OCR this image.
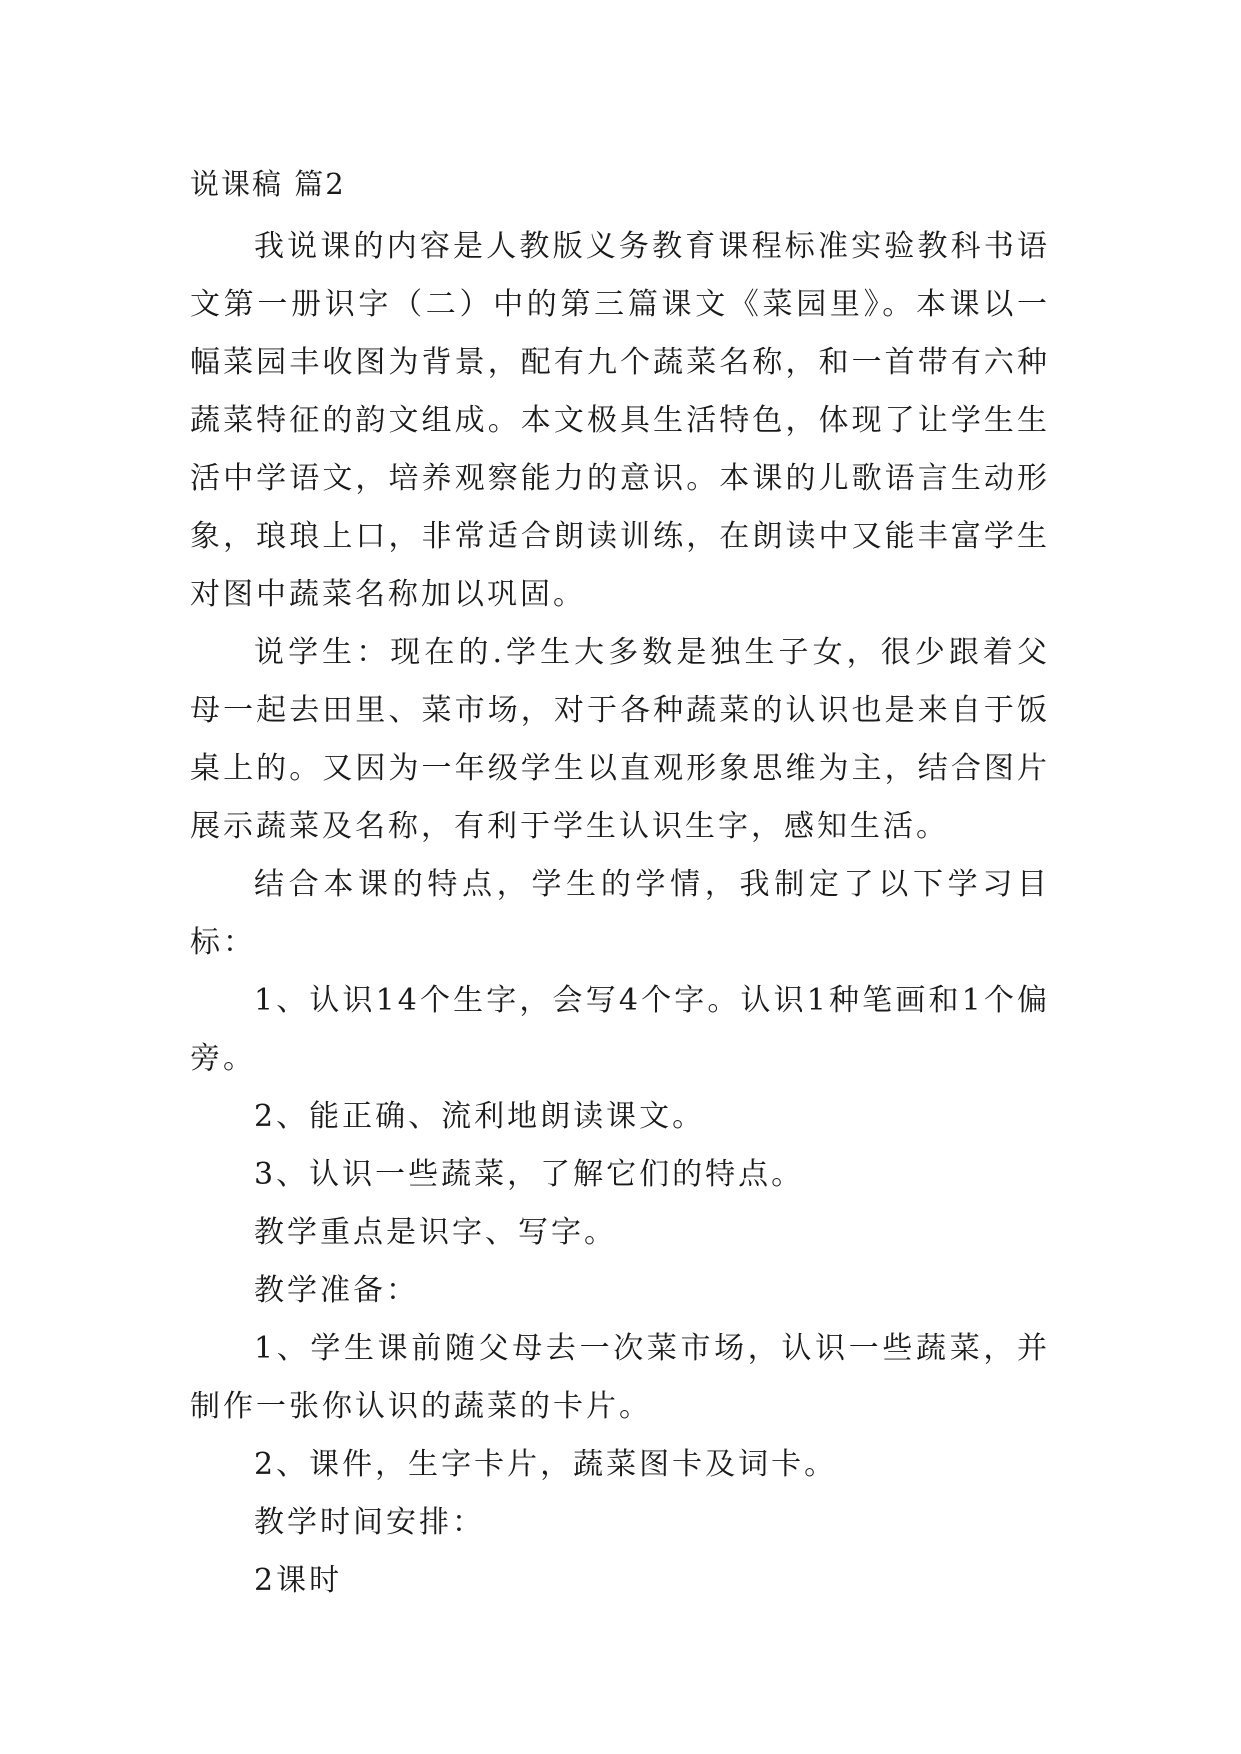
说课稿 篇2

我说课的内容是人教版义务教育课程标准实验教科书语文第一册识字（二）中的第三篇课文《菜园里》。本课以一幅菜园丰收图为背景，配有九个蔬菜名称，和一首带有六种蔬菜特征的韵文组成。本文极具生活特色，体现了让学生生活中学语文，培养观察能力的意识。本课的儿歌语言生动形象，琅琅上口，非常适合朗读训练，在朗读中又能丰富学生对图中蔬菜名称加以巩固。

说学生：现在的.学生大多数是独生子女，很少跟着父母一起去田里、菜市场，对于各种蔬菜的认识也是来自于饭桌上的。又因为一年级学生以直观形象思维为主，结合图片展示蔬菜及名称，有利于学生认识生字，感知生活。

结合本课的特点，学生的学情，我制定了以下学习目标：

1、认识14个生字，会写4个字。认识1种笔画和1个偏旁。

2、能正确、流利地朗读课文。

3、认识一些蔬菜，了解它们的特点。

教学重点是识字、写字。

教学准备：

1、学生课前随父母去一次菜市场，认识一些蔬菜，并制作一张你认识的蔬菜的卡片。

2、课件，生字卡片，蔬菜图卡及词卡。

教学时间安排：

2课时
